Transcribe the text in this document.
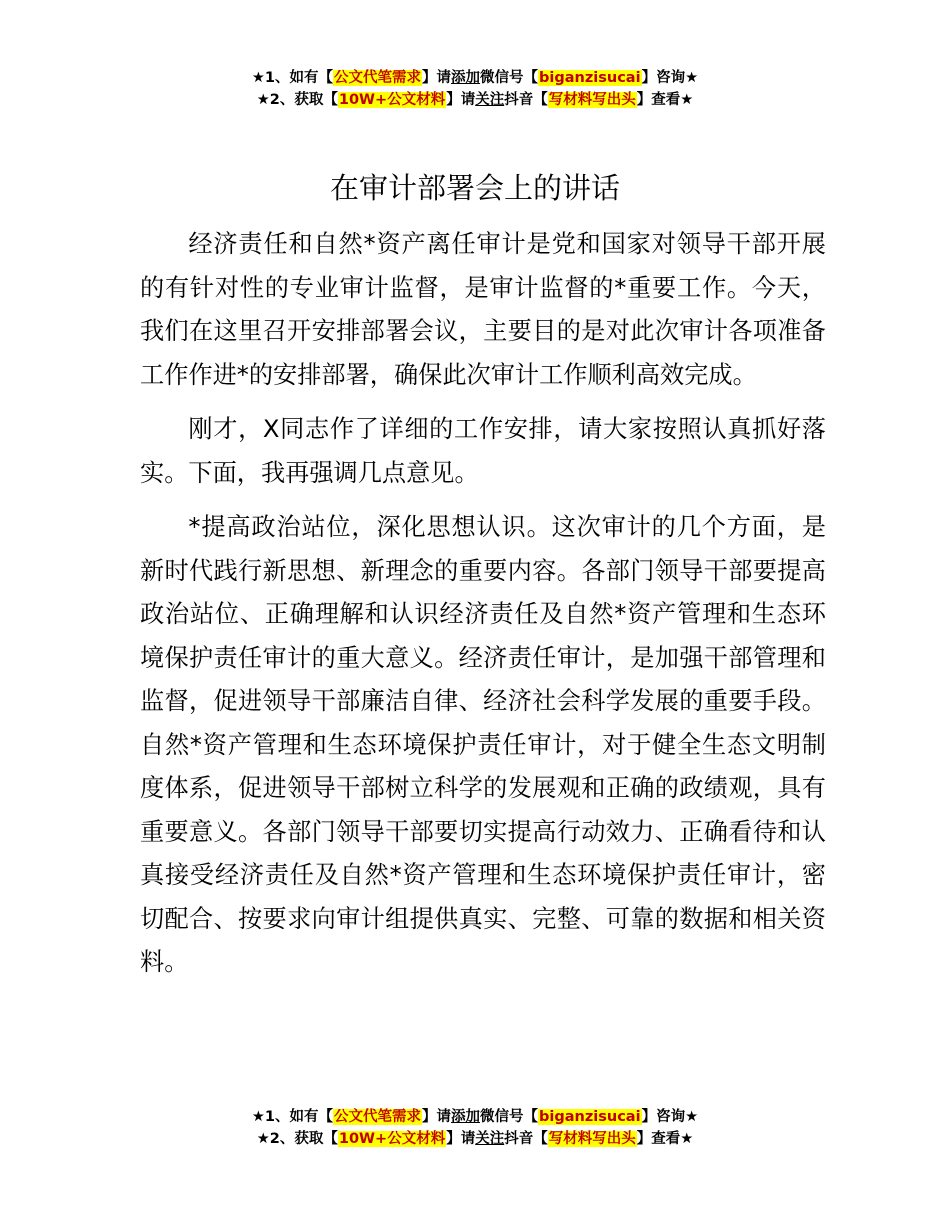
★1、如有【公文代笔需求】请添加微信号【biganzisucai】咨询★
★2、获取【10W+公文材料】请关注抖音【写材料写出头】查看★
在审计部署会上的讲话

经济责任和自然*资产离任审计是党和国家对领导干部开展的有针对性的专业审计监督，是审计监督的*重要工作。今天，我们在这里召开安排部署会议，主要目的是对此次审计各项准备工作作进*的安排部署，确保此次审计工作顺利高效完成。

刚才，X同志作了详细的工作安排，请大家按照认真抓好落实。下面，我再强调几点意见。

*提高政治站位，深化思想认识。这次审计的几个方面，是新时代践行新思想、新理念的重要内容。各部门领导干部要提高政治站位、正确理解和认识经济责任及自然*资产管理和生态环境保护责任审计的重大意义。经济责任审计，是加强干部管理和监督，促进领导干部廉洁自律、经济社会科学发展的重要手段。自然*资产管理和生态环境保护责任审计，对于健全生态文明制度体系，促进领导干部树立科学的发展观和正确的政绩观，具有重要意义。各部门领导干部要切实提高行动效力、正确看待和认真接受经济责任及自然*资产管理和生态环境保护责任审计，密切配合、按要求向审计组提供真实、完整、可靠的数据和相关资料。

★1、如有【公文代笔需求】请添加微信号【biganzisucai】咨询★
★2、获取【10W+公文材料】请关注抖音【写材料写出头】查看★
